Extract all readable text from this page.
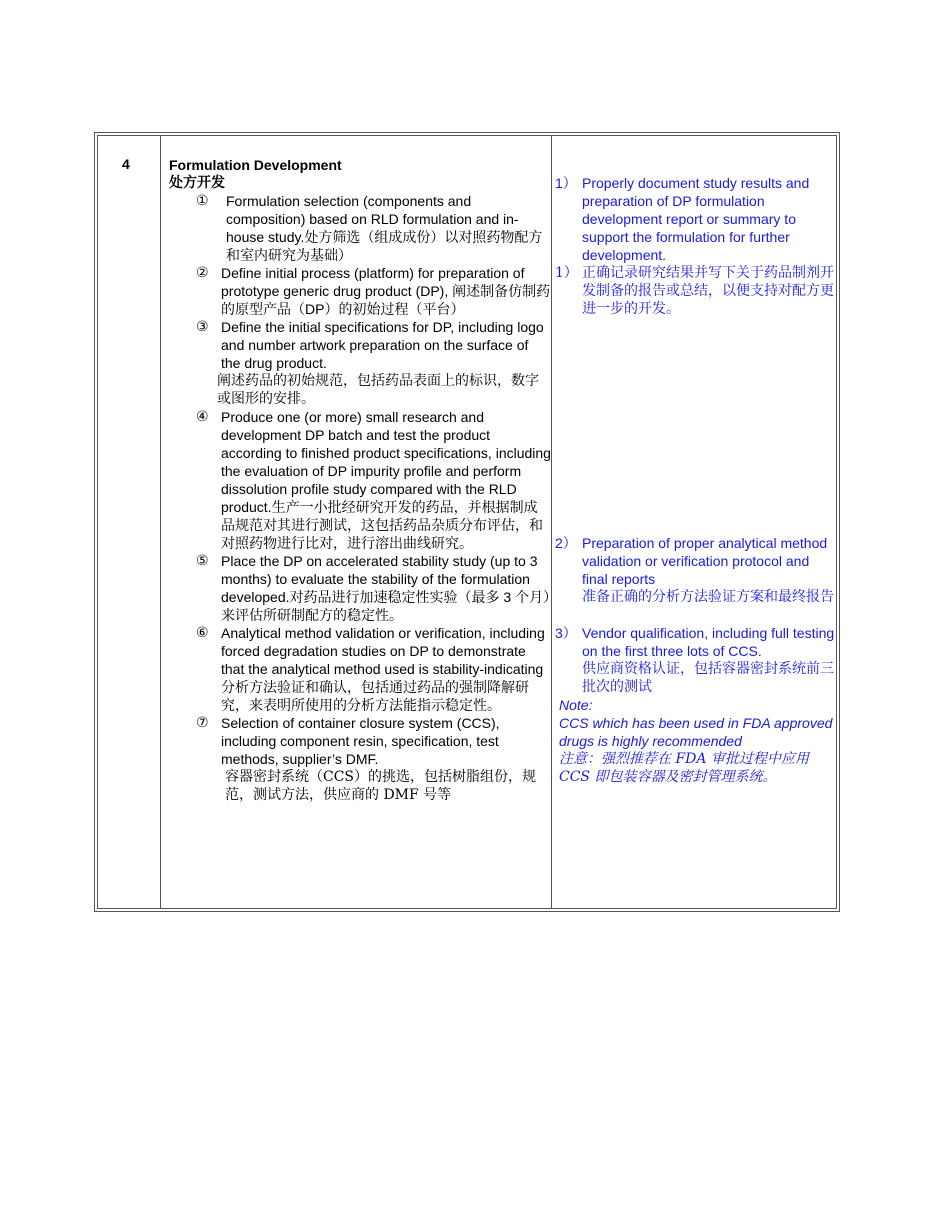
4	Formulation Development
处方开发
① Formulation selection (components and composition) based on RLD formulation and in-house study.处方筛选（组成成份）以对照药物配方和室内研究为基础）
② Define initial process (platform) for preparation of prototype generic drug product (DP), 阐述制备仿制药的原型产品（DP）的初始过程（平台）
③ Define the initial specifications for DP, including logo and number artwork preparation on the surface of the drug product.
阐述药品的初始规范，包括药品表面上的标识，数字或图形的安排。
④ Produce one (or more) small research and development DP batch and test the product according to finished product specifications, including the evaluation of DP impurity profile and perform dissolution profile study compared with the RLD product.生产一小批经研究开发的药品，并根据制成品规范对其进行测试，这包括药品杂质分布评估，和对照药物进行比对，进行溶出曲线研究。
⑤ Place the DP on accelerated stability study (up to 3 months) to evaluate the stability of the formulation developed.对药品进行加速稳定性实验（最多 3 个月）来评估所研制配方的稳定性。
⑥ Analytical method validation or verification, including forced degradation studies on DP to demonstrate that the analytical method used is stability-indicating 分析方法验证和确认，包括通过药品的强制降解研究，来表明所使用的分析方法能指示稳定性。
⑦ Selection of container closure system (CCS), including component resin, specification, test methods, supplier’s DMF.
容器密封系统（CCS）的挑选，包括树脂组份，规范，测试方法，供应商的 DMF 号等
1） Properly document study results and preparation of DP formulation development report or summary to support the formulation for further development.
1） 正确记录研究结果并写下关于药品制剂开发制备的报告或总结，以便支持对配方更进一步的开发。
2） Preparation of proper analytical method validation or verification protocol and final reports
准备正确的分析方法验证方案和最终报告
3） Vendor qualification, including full testing on the first three lots of CCS.
供应商资格认证，包括容器密封系统前三批次的测试
Note:
CCS which has been used in FDA approved drugs is highly recommended
注意：强烈推荐在 FDA 审批过程中应用 CCS 即包装容器及密封管理系统。
